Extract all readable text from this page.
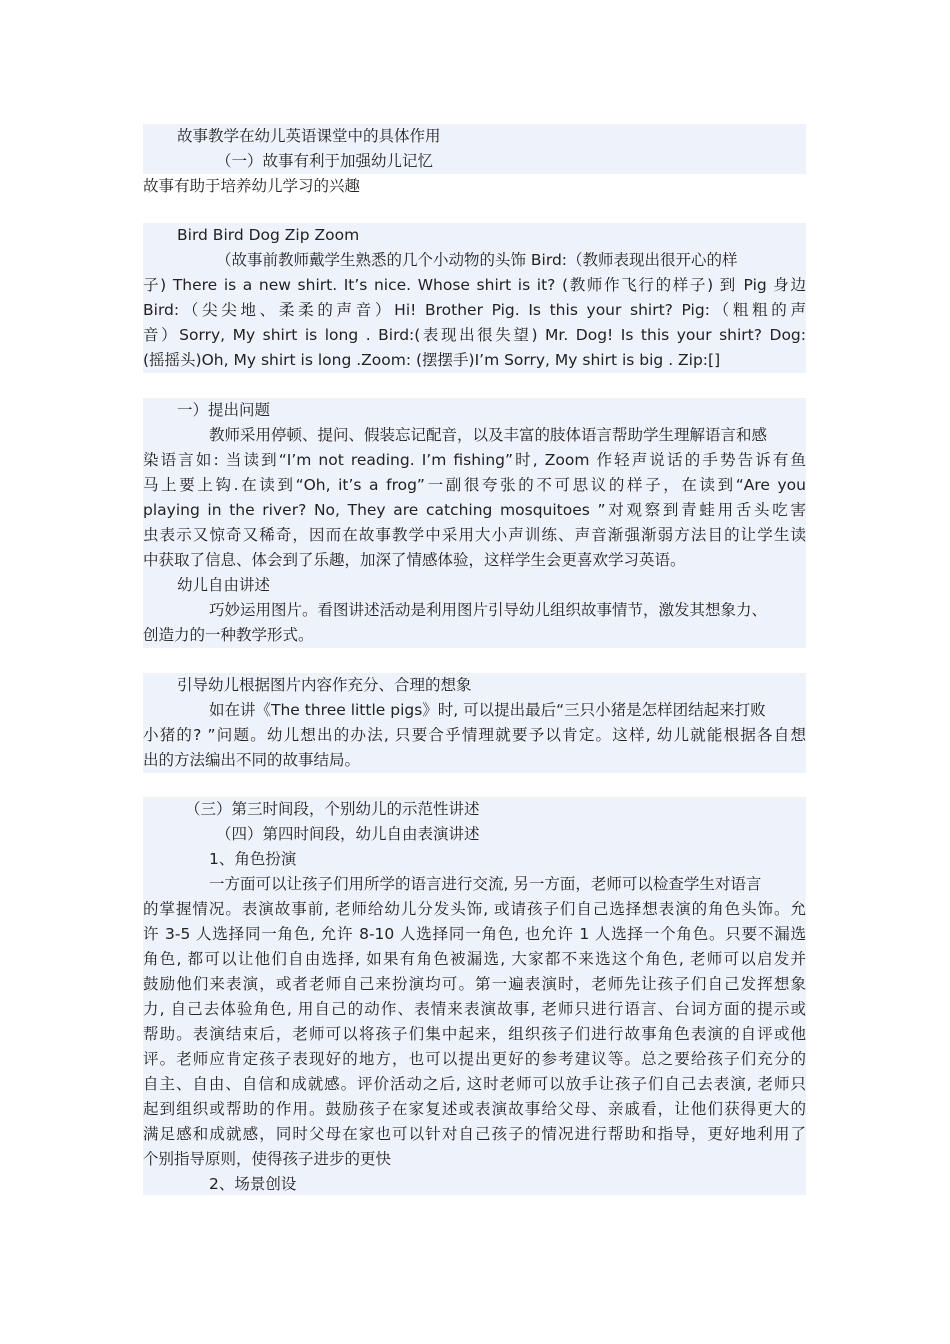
故事教学在幼儿英语课堂中的具体作用
（一）故事有利于加强幼儿记忆
故事有助于培养幼儿学习的兴趣
Bird Bird Dog Zip Zoom
（故事前教师戴学生熟悉的几个小动物的头饰 Bird:（教师表现出很开心的样
子) There is a new shirt. It’s nice. Whose shirt is it? (教师作飞行的样子) 到 Pig 身边
Bird:（尖尖地、柔柔的声音）Hi! Brother Pig. Is this your shirt? Pig:（粗粗的声
音）Sorry, My shirt is long . Bird:(表现出很失望) Mr. Dog! Is this your shirt? Dog:
(摇摇头)Oh, My shirt is long .Zoom: (摆摆手)I’m Sorry, My shirt is big . Zip:[]
一）提出问题
教师采用停顿、提问、假装忘记配音，以及丰富的肢体语言帮助学生理解语言和感
染语言如: 当读到“I’m not reading. I’m fishing”时, Zoom 作轻声说话的手势告诉有鱼
马上要上钩.在读到“Oh, it’s a frog”一副很夸张的不可思议的样子，在读到“Are you
playing in the river? No, They are catching mosquitoes ”对观察到青蛙用舌头吃害
虫表示又惊奇又稀奇，因而在故事教学中采用大小声训练、声音渐强渐弱方法目的让学生读
中获取了信息、体会到了乐趣，加深了情感体验，这样学生会更喜欢学习英语。
幼儿自由讲述
巧妙运用图片。看图讲述活动是利用图片引导幼儿组织故事情节，激发其想象力、
创造力的一种教学形式。
引导幼儿根据图片内容作充分、合理的想象
如在讲《The three little pigs》时, 可以提出最后“三只小猪是怎样团结起来打败
小猪的? ”问题。幼儿想出的办法, 只要合乎情理就要予以肯定。这样, 幼儿就能根据各自想
出的方法编出不同的故事结局。
（三）第三时间段，个别幼儿的示范性讲述
（四）第四时间段，幼儿自由表演讲述
1、角色扮演
一方面可以让孩子们用所学的语言进行交流, 另一方面，老师可以检查学生对语言
的掌握情况。表演故事前, 老师给幼儿分发头饰, 或请孩子们自己选择想表演的角色头饰。允
许 3-5 人选择同一角色, 允许 8-10 人选择同一角色, 也允许 1 人选择一个角色。只要不漏选
角色, 都可以让他们自由选择, 如果有角色被漏选, 大家都不来选这个角色, 老师可以启发并
鼓励他们来表演，或者老师自己来扮演均可。第一遍表演时，老师先让孩子们自己发挥想象
力, 自己去体验角色, 用自己的动作、表情来表演故事, 老师只进行语言、台词方面的提示或
帮助。表演结束后，老师可以将孩子们集中起来，组织孩子们进行故事角色表演的自评或他
评。老师应肯定孩子表现好的地方，也可以提出更好的参考建议等。总之要给孩子们充分的
自主、自由、自信和成就感。评价活动之后, 这时老师可以放手让孩子们自己去表演, 老师只
起到组织或帮助的作用。鼓励孩子在家复述或表演故事给父母、亲戚看，让他们获得更大的
满足感和成就感，同时父母在家也可以针对自己孩子的情况进行帮助和指导，更好地利用了
个别指导原则，使得孩子进步的更快
2、场景创设
